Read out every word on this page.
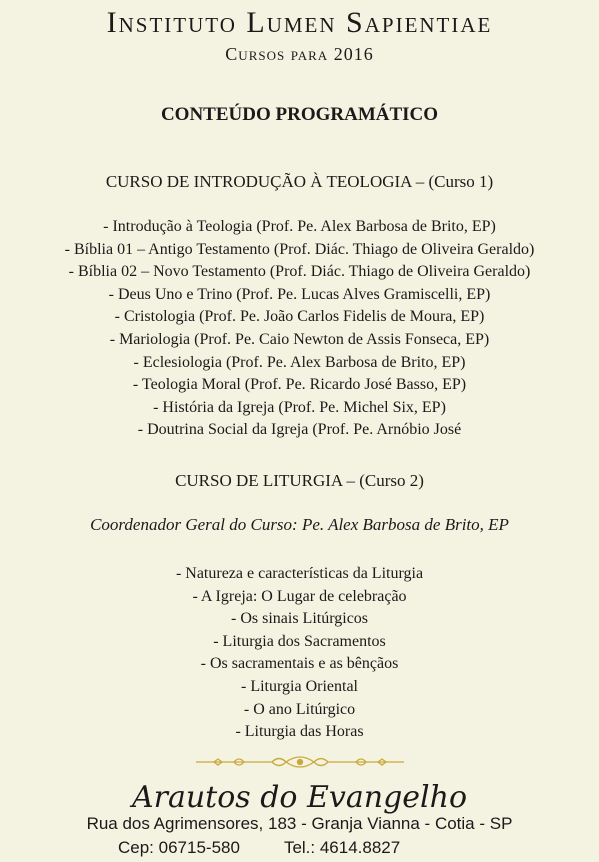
Instituto Lumen Sapientiae
Cursos para 2016
CONTEÚDO PROGRAMÁTICO
CURSO DE INTRODUÇÃO À TEOLOGIA – (Curso 1)
- Introdução à Teologia (Prof. Pe. Alex Barbosa de Brito, EP)
- Bíblia 01 – Antigo Testamento (Prof. Diác. Thiago de Oliveira Geraldo)
- Bíblia 02 – Novo Testamento (Prof. Diác. Thiago de Oliveira Geraldo)
- Deus Uno e Trino (Prof. Pe. Lucas Alves Gramiscelli, EP)
- Cristologia (Prof. Pe. João Carlos Fidelis de Moura, EP)
- Mariologia (Prof. Pe. Caio Newton de Assis Fonseca, EP)
- Eclesiologia (Prof. Pe. Alex Barbosa de Brito, EP)
- Teologia Moral (Prof. Pe. Ricardo José Basso, EP)
- História da Igreja (Prof. Pe. Michel Six, EP)
- Doutrina Social da Igreja (Prof. Pe. Arnóbio José
CURSO DE LITURGIA – (Curso 2)
Coordenador Geral do Curso: Pe. Alex Barbosa de Brito, EP
- Natureza e características da Liturgia
- A Igreja: O Lugar de celebração
- Os sinais Litúrgicos
- Liturgia dos Sacramentos
- Os sacramentais e as bênçãos
- Liturgia Oriental
- O ano Litúrgico
- Liturgia das Horas
Arautos do Evangelho
Rua dos Agrimensores, 183 - Granja Vianna - Cotia - SP
Cep: 06715-580	Tel.: 4614.8827
